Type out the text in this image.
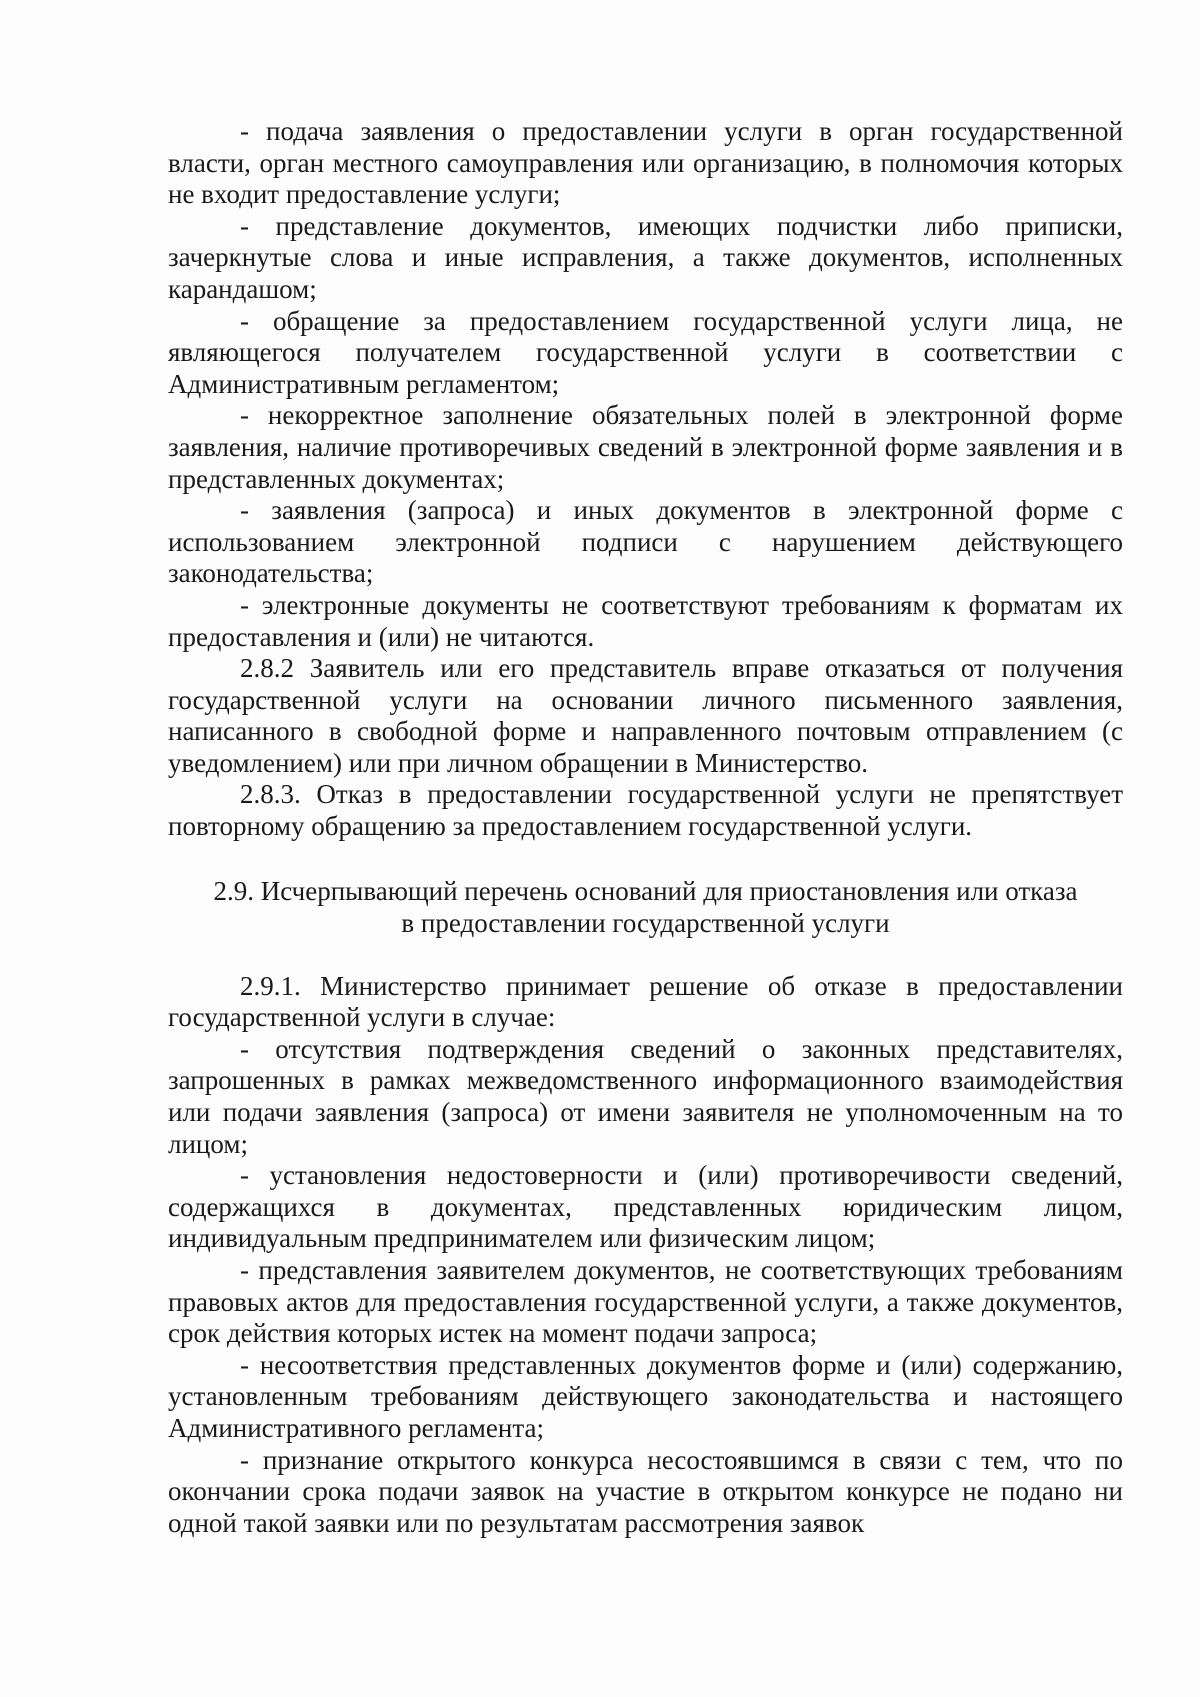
- подача заявления о предоставлении услуги в орган государственной власти, орган местного самоуправления или организацию, в полномочия которых не входит предоставление услуги;

- представление документов, имеющих подчистки либо приписки, зачеркнутые слова и иные исправления, а также документов, исполненных карандашом;

- обращение за предоставлением государственной услуги лица, не являющегося получателем государственной услуги в соответствии с Административным регламентом;

- некорректное заполнение обязательных полей в электронной форме заявления, наличие противоречивых сведений в электронной форме заявления и в представленных документах;

- заявления (запроса) и иных документов в электронной форме с использованием электронной подписи с нарушением действующего законодательства;

- электронные документы не соответствуют требованиям к форматам их предоставления и (или) не читаются.

2.8.2 Заявитель или его представитель вправе отказаться от получения государственной услуги на основании личного письменного заявления, написанного в свободной форме и направленного почтовым отправлением (с уведомлением) или при личном обращении в Министерство.

2.8.3. Отказ в предоставлении государственной услуги не препятствует повторному обращению за предоставлением государственной услуги.

2.9. Исчерпывающий перечень оснований для приостановления или отказа
в предоставлении государственной услуги

2.9.1. Министерство принимает решение об отказе в предоставлении государственной услуги в случае:

- отсутствия подтверждения сведений о законных представителях, запрошенных в рамках межведомственного информационного взаимодействия или подачи заявления (запроса) от имени заявителя не уполномоченным на то лицом;

- установления недостоверности и (или) противоречивости сведений, содержащихся в документах, представленных юридическим лицом, индивидуальным предпринимателем или физическим лицом;

- представления заявителем документов, не соответствующих требованиям правовых актов для предоставления государственной услуги, а также документов, срок действия которых истек на момент подачи запроса;

- несоответствия представленных документов форме и (или) содержанию, установленным требованиям действующего законодательства и настоящего Административного регламента;

- признание открытого конкурса несостоявшимся в связи с тем, что по окончании срока подачи заявок на участие в открытом конкурсе не подано ни одной такой заявки или по результатам рассмотрения заявок
